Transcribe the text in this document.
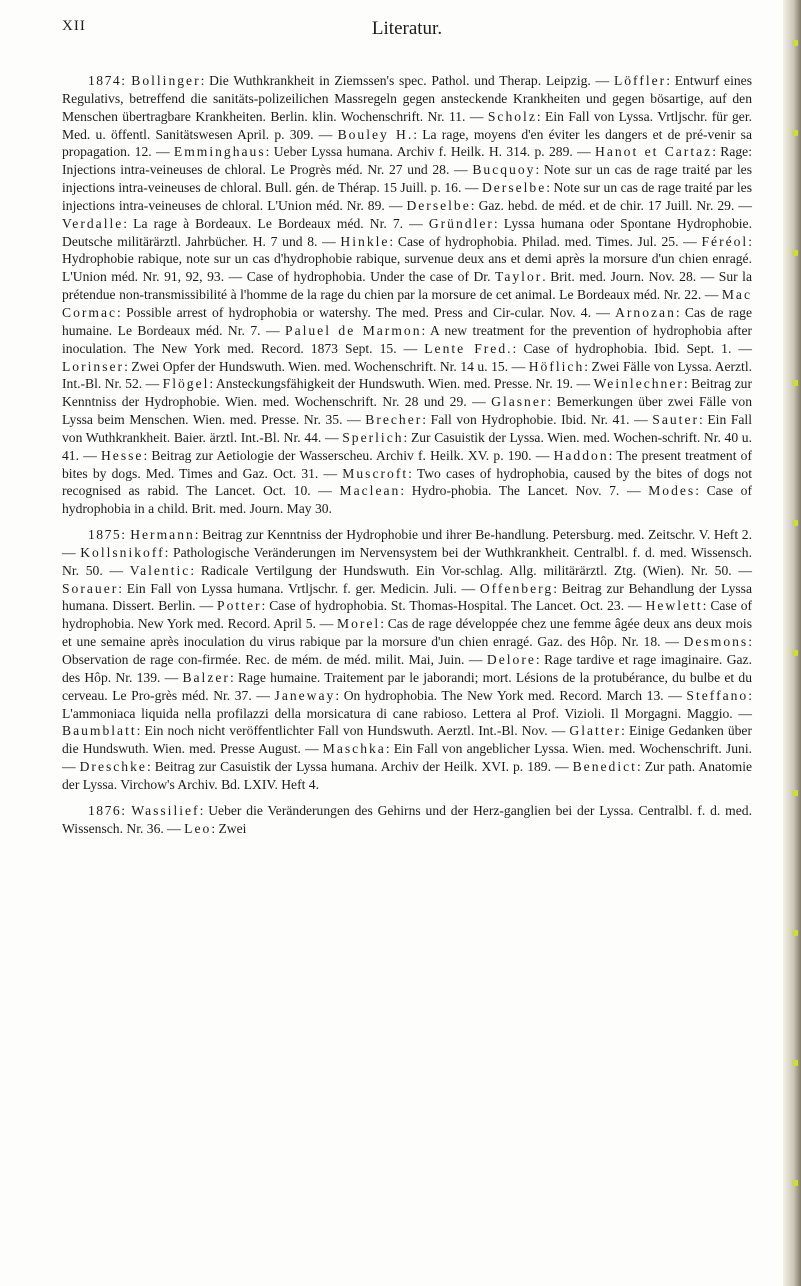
XII	Literatur.

1874: Bollinger: Die Wuthkrankheit in Ziemssen's spec. Pathol. und Therap. Leipzig. — Löffler: Entwurf eines Regulativs, betreffend die sanitäts-polizeilichen Massregeln gegen ansteckende Krankheiten und gegen bösartige, auf den Menschen übertragbare Krankheiten. Berlin. klin. Wochenschrift. Nr. 11. — Scholz: Ein Fall von Lyssa. Vrtljschr. für ger. Med. u. öffentl. Sanitätswesen April. p. 309. — Bouley H.: La rage, moyens d'en éviter les dangers et de pré-venir sa propagation. 12. — Emminghaus: Ueber Lyssa humana. Archiv f. Heilk. H. 314. p. 289. — Hanot et Cartaz: Rage: Injections intra-veineuses de chloral. Le Progrès méd. Nr. 27 und 28. — Bucquoy: Note sur un cas de rage traité par les injections intra-veineuses de chloral. Bull. gén. de Thérap. 15 Juill. p. 16. — Derselbe: Note sur un cas de rage traité par les injections intra-veineuses de chloral. L'Union méd. Nr. 89. — Derselbe: Gaz. hebd. de méd. et de chir. 17 Juill. Nr. 29. — Verdalle: La rage à Bordeaux. Le Bordeaux méd. Nr. 7. — Gründler: Lyssa humana oder Spontane Hydrophobie. Deutsche militärärztl. Jahrbücher. H. 7 und 8. — Hinkle: Case of hydrophobia. Philad. med. Times. Jul. 25. — Féréol: Hydrophobie rabique, note sur un cas d'hydrophobie rabique, survenue deux ans et demi après la morsure d'un chien enragé. L'Union méd. Nr. 91, 92, 93. — Case of hydrophobia. Under the case of Dr. Taylor. Brit. med. Journ. Nov. 28. — Sur la prétendue non-transmissibilité à l'homme de la rage du chien par la morsure de cet animal. Le Bordeaux méd. Nr. 22. — Mac Cormac: Possible arrest of hydrophobia or watershy. The med. Press and Cir-cular. Nov. 4. — Arnozan: Cas de rage humaine. Le Bordeaux méd. Nr. 7. — Paluel de Marmon: A new treatment for the prevention of hydrophobia after inoculation. The New York med. Record. 1873 Sept. 15. — Lente Fred.: Case of hydrophobia. Ibid. Sept. 1. — Lorinser: Zwei Opfer der Hundswuth. Wien. med. Wochenschrift. Nr. 14 u. 15. — Höflich: Zwei Fälle von Lyssa. Aerztl. Int.-Bl. Nr. 52. — Flögel: Ansteckungsfähigkeit der Hundswuth. Wien. med. Presse. Nr. 19. — Weinlechner: Beitrag zur Kenntniss der Hydrophobie. Wien. med. Wochenschrift. Nr. 28 und 29. — Glasner: Bemerkungen über zwei Fälle von Lyssa beim Menschen. Wien. med. Presse. Nr. 35. — Brecher: Fall von Hydrophobie. Ibid. Nr. 41. — Sauter: Ein Fall von Wuthkrankheit. Baier. ärztl. Int.-Bl. Nr. 44. — Sperlich: Zur Casuistik der Lyssa. Wien. med. Wochen-schrift. Nr. 40 u. 41. — Hesse: Beitrag zur Aetiologie der Wasserscheu. Archiv f. Heilk. XV. p. 190. — Haddon: The present treatment of bites by dogs. Med. Times and Gaz. Oct. 31. — Muscroft: Two cases of hydrophobia, caused by the bites of dogs not recognised as rabid. The Lancet. Oct. 10. — Maclean: Hydro-phobia. The Lancet. Nov. 7. — Modes: Case of hydrophobia in a child. Brit. med. Journ. May 30.

1875: Hermann: Beitrag zur Kenntniss der Hydrophobie und ihrer Be-handlung. Petersburg. med. Zeitschr. V. Heft 2. — Kollsnikoff: Pathologische Veränderungen im Nervensystem bei der Wuthkrankheit. Centralbl. f. d. med. Wissensch. Nr. 50. — Valentic: Radicale Vertilgung der Hundswuth. Ein Vor-schlag. Allg. militärärztl. Ztg. (Wien). Nr. 50. — Sorauer: Ein Fall von Lyssa humana. Vrtljschr. f. ger. Medicin. Juli. — Offenberg: Beitrag zur Behandlung der Lyssa humana. Dissert. Berlin. — Potter: Case of hydrophobia. St. Thomas-Hospital. The Lancet. Oct. 23. — Hewlett: Case of hydrophobia. New York med. Record. April 5. — Morel: Cas de rage développée chez une femme âgée deux ans deux mois et une semaine après inoculation du virus rabique par la morsure d'un chien enragé. Gaz. des Hôp. Nr. 18. — Desmons: Observation de rage con-firmée. Rec. de mém. de méd. milit. Mai, Juin. — Delore: Rage tardive et rage imaginaire. Gaz. des Hôp. Nr. 139. — Balzer: Rage humaine. Traitement par le jaborandi; mort. Lésions de la protubérance, du bulbe et du cerveau. Le Pro-grès méd. Nr. 37. — Janeway: On hydrophobia. The New York med. Record. March 13. — Steffano: L'ammoniaca liquida nella profilazzi della morsicatura di cane rabioso. Lettera al Prof. Vizioli. Il Morgagni. Maggio. — Baumblatt: Ein noch nicht veröffentlichter Fall von Hundswuth. Aerztl. Int.-Bl. Nov. — Glatter: Einige Gedanken über die Hundswuth. Wien. med. Presse August. — Maschka: Ein Fall von angeblicher Lyssa. Wien. med. Wochenschrift. Juni. — Dreschke: Beitrag zur Casuistik der Lyssa humana. Archiv der Heilk. XVI. p. 189. — Benedict: Zur path. Anatomie der Lyssa. Virchow's Archiv. Bd. LXIV. Heft 4.

1876: Wassilief: Ueber die Veränderungen des Gehirns und der Herz-ganglien bei der Lyssa. Centralbl. f. d. med. Wissensch. Nr. 36. — Leo: Zwei
